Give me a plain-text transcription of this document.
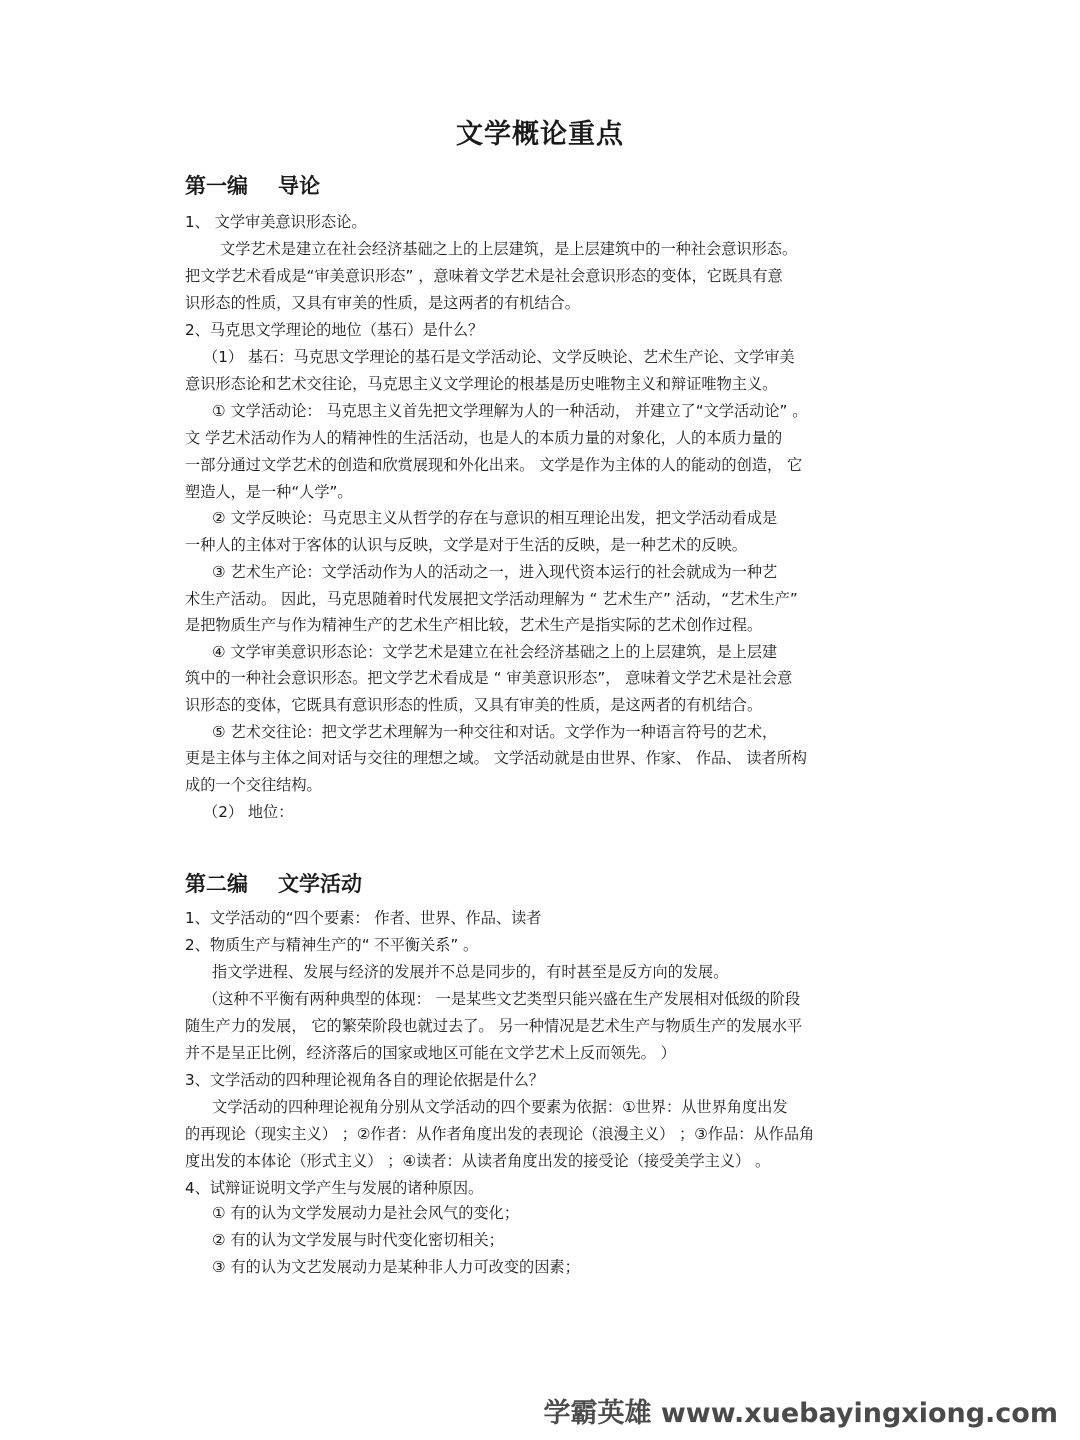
文学概论重点
第一编 导论
1、 文学审美意识形态论。
文学艺术是建立在社会经济基础之上的上层建筑，是上层建筑中的一种社会意识形态。
把文学艺术看成是“审美意识形态” ，意味着文学艺术是社会意识形态的变体，它既具有意
识形态的性质，又具有审美的性质，是这两者的有机结合。
2、马克思文学理论的地位（基石）是什么？
（1） 基石：马克思文学理论的基石是文学活动论、文学反映论、艺术生产论、文学审美
意识形态论和艺术交往论，马克思主义文学理论的根基是历史唯物主义和辩证唯物主义。
① 文学活动论： 马克思主义首先把文学理解为人的一种活动， 并建立了“文学活动论” 。
文 学艺术活动作为人的精神性的生活活动，也是人的本质力量的对象化，人的本质力量的
一部分通过文学艺术的创造和欣赏展现和外化出来。 文学是作为主体的人的能动的创造， 它
塑造人，是一种“人学”。
② 文学反映论：马克思主义从哲学的存在与意识的相互理论出发，把文学活动看成是
一种人的主体对于客体的认识与反映，文学是对于生活的反映，是一种艺术的反映。
③ 艺术生产论：文学活动作为人的活动之一，进入现代资本运行的社会就成为一种艺
术生产活动。 因此，马克思随着时代发展把文学活动理解为 “ 艺术生产” 活动，“艺术生产”
是把物质生产与作为精神生产的艺术生产相比较，艺术生产是指实际的艺术创作过程。
④ 文学审美意识形态论：文学艺术是建立在社会经济基础之上的上层建筑，是上层建
筑中的一种社会意识形态。把文学艺术看成是 “ 审美意识形态”， 意味着文学艺术是社会意
识形态的变体，它既具有意识形态的性质，又具有审美的性质，是这两者的有机结合。
⑤ 艺术交往论：把文学艺术理解为一种交往和对话。文学作为一种语言符号的艺术，
更是主体与主体之间对话与交往的理想之域。 文学活动就是由世界、作家、 作品、 读者所构
成的一个交往结构。
（2） 地位：
第二编 文学活动
1、文学活动的“四个要素： 作者、世界、作品、读者
2、物质生产与精神生产的“ 不平衡关系” 。
指文学进程、发展与经济的发展并不总是同步的，有时甚至是反方向的发展。
（这种不平衡有两种典型的体现： 一是某些文艺类型只能兴盛在生产发展相对低级的阶段
随生产力的发展， 它的繁荣阶段也就过去了。 另一种情况是艺术生产与物质生产的发展水平
并不是呈正比例，经济落后的国家或地区可能在文学艺术上反而领先。 ）
3、文学活动的四种理论视角各自的理论依据是什么？
文学活动的四种理论视角分别从文学活动的四个要素为依据：①世界：从世界角度出发
的再现论（现实主义） ；②作者：从作者角度出发的表现论（浪漫主义） ；③作品：从作品角
度出发的本体论（形式主义） ；④读者：从读者角度出发的接受论（接受美学主义） 。
4、试辩证说明文学产生与发展的诸种原因。
① 有的认为文学发展动力是社会风气的变化；
② 有的认为文学发展与时代变化密切相关；
③ 有的认为文艺发展动力是某种非人力可改变的因素；
学霸英雄 www.xuebayingxiong.com
